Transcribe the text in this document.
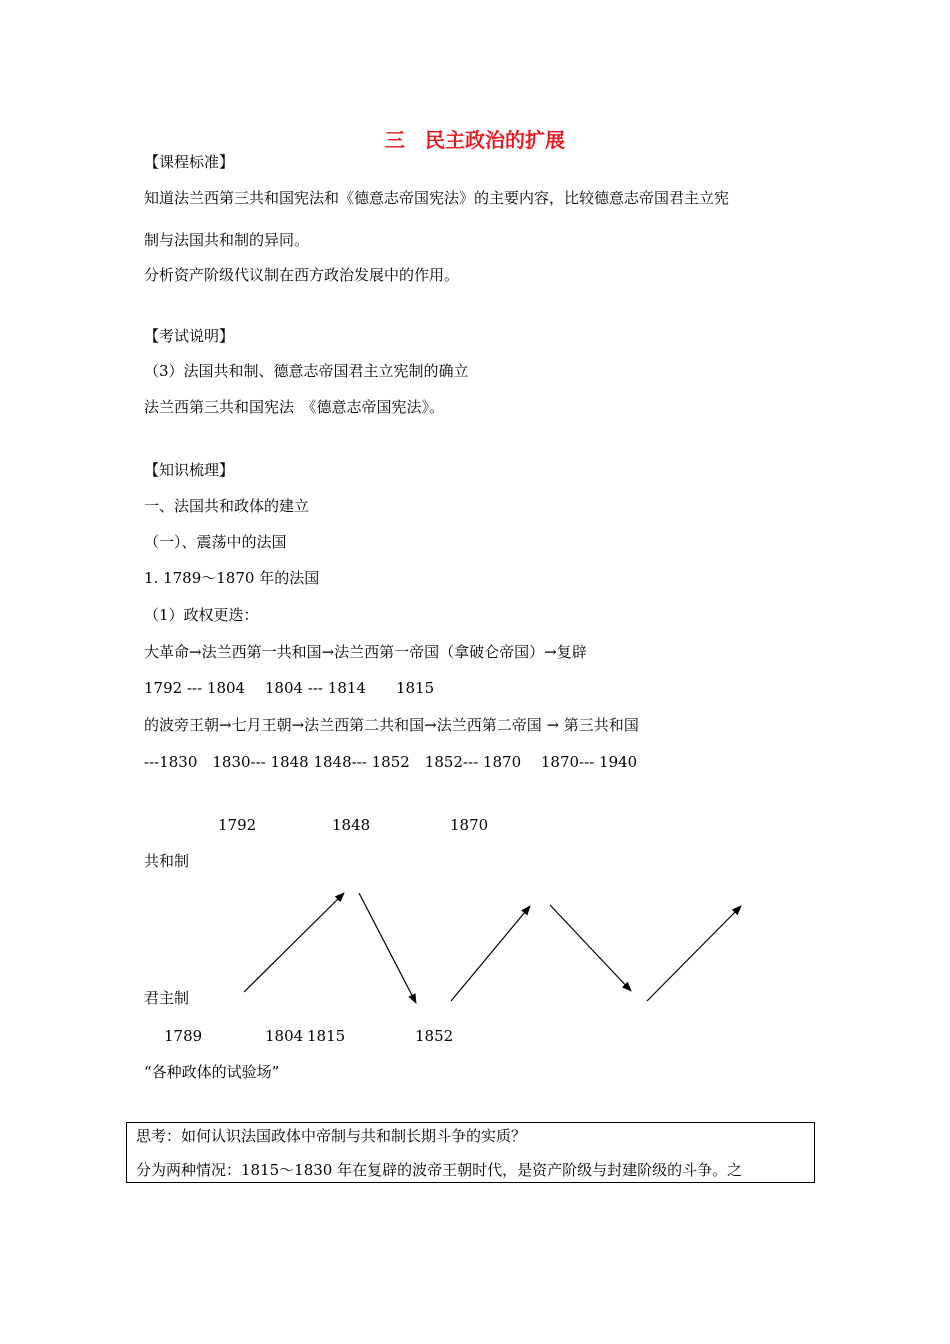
三　民主政治的扩展
【课程标准】
知道法兰西第三共和国宪法和《德意志帝国宪法》的主要内容，比较德意志帝国君主立宪
制与法国共和制的异同。
分析资产阶级代议制在西方政治发展中的作用。
【考试说明】
（3）法国共和制、德意志帝国君主立宪制的确立
法兰西第三共和国宪法　《德意志帝国宪法》。
【知识梳理】
一、法国共和政体的建立
（一）、震荡中的法国
1. 1789～1870 年的法国
（1）政权更迭：
大革命→法兰西第一共和国→法兰西第一帝国（拿破仑帝国）→复辟
1792 --- 1804　 1804 --- 1814　　1815
的波旁王朝→七月王朝→法兰西第二共和国→法兰西第二帝国 → 第三共和国
---1830　1830--- 1848 1848--- 1852　1852--- 1870　 1870--- 1940
1792	1848	1870
共和制
君主制
1789	1804 1815	1852
“各种政体的试验场”
思考：如何认识法国政体中帝制与共和制长期斗争的实质？
分为两种情况：1815～1830 年在复辟的波帝王朝时代，是资产阶级与封建阶级的斗争。之
